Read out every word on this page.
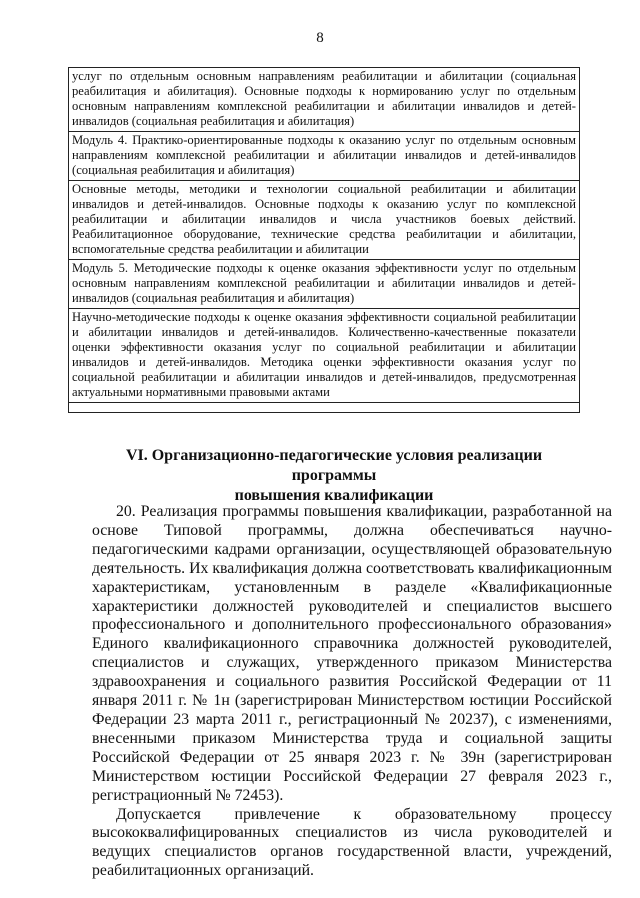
8
услуг по отдельным основным направлениям реабилитации и абилитации (социальная реабилитация и абилитация). Основные подходы к нормированию услуг по отдельным основным направлениям комплексной реабилитации и абилитации инвалидов и детей-инвалидов (социальная реабилитация и абилитация)
Модуль 4. Практико-ориентированные подходы к оказанию услуг по отдельным основным направлениям комплексной реабилитации и абилитации инвалидов и детей-инвалидов (социальная реабилитация и абилитация)
Основные методы, методики и технологии социальной реабилитации и абилитации инвалидов и детей-инвалидов. Основные подходы к оказанию услуг по комплексной реабилитации и абилитации инвалидов и числа участников боевых действий. Реабилитационное оборудование, технические средства реабилитации и абилитации, вспомогательные средства реабилитации и абилитации
Модуль 5. Методические подходы к оценке оказания эффективности услуг по отдельным основным направлениям комплексной реабилитации и абилитации инвалидов и детей-инвалидов (социальная реабилитация и абилитация)
Научно-методические подходы к оценке оказания эффективности социальной реабилитации и абилитации инвалидов и детей-инвалидов. Количественно-качественные показатели оценки эффективности оказания услуг по социальной реабилитации и абилитации инвалидов и детей-инвалидов. Методика оценки эффективности оказания услуг по социальной реабилитации и абилитации инвалидов и детей-инвалидов, предусмотренная актуальными нормативными правовыми актами

VI. Организационно-педагогические условия реализации программы
повышения квалификации

20. Реализация программы повышения квалификации, разработанной на основе Типовой программы, должна обеспечиваться научно-педагогическими кадрами организации, осуществляющей образовательную деятельность. Их квалификация должна соответствовать квалификационным характеристикам, установленным в разделе «Квалификационные характеристики должностей руководителей и специалистов высшего профессионального и дополнительного профессионального образования» Единого квалификационного справочника должностей руководителей, специалистов и служащих, утвержденного приказом Министерства здравоохранения и социального развития Российской Федерации от 11 января 2011 г. № 1н (зарегистрирован Министерством юстиции Российской Федерации 23 марта 2011 г., регистрационный № 20237), с изменениями, внесенными приказом Министерства труда и социальной защиты Российской Федерации от 25 января 2023 г. № 39н (зарегистрирован Министерством юстиции Российской Федерации 27 февраля 2023 г., регистрационный № 72453).

Допускается привлечение к образовательному процессу высококвалифицированных специалистов из числа руководителей и ведущих специалистов органов государственной власти, учреждений, реабилитационных организаций.
